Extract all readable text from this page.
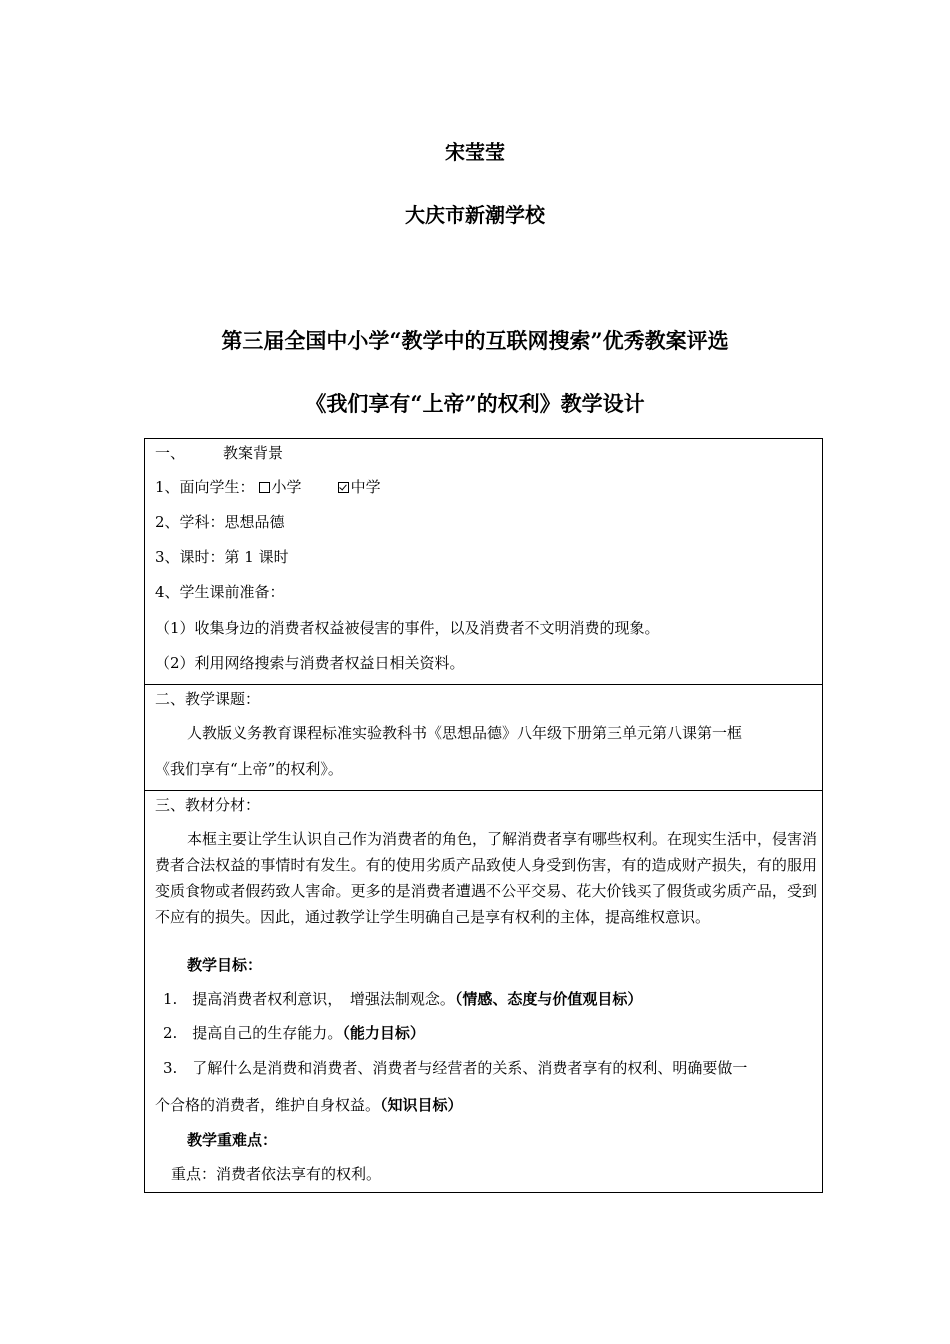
宋莹莹
大庆市新潮学校
第三届全国中小学“教学中的互联网搜索”优秀教案评选
《我们享有“上帝”的权利》教学设计
一、	教案背景
1、面向学生： 小学	中学
2、学科：思想品德
3、课时：第 1 课时
4、学生课前准备：
（1）收集身边的消费者权益被侵害的事件，以及消费者不文明消费的现象。
（2）利用网络搜索与消费者权益日相关资料。
二、教学课题：
人教版义务教育课程标准实验教科书《思想品德》八年级下册第三单元第八课第一框
《我们享有“上帝”的权利》。
三、教材分材：
本框主要让学生认识自己作为消费者的角色，了解消费者享有哪些权利。在现实生活中，侵害消费者合法权益的事情时有发生。有的使用劣质产品致使人身受到伤害，有的造成财产损失，有的服用变质食物或者假药致人害命。更多的是消费者遭遇不公平交易、花大价钱买了假货或劣质产品，受到不应有的损失。因此，通过教学让学生明确自己是享有权利的主体，提高维权意识。
教学目标：
1.　提高消费者权利意识，　增强法制观念。（情感、态度与价值观目标）
2.　提高自己的生存能力。（能力目标）
3.　了解什么是消费和消费者、消费者与经营者的关系、消费者享有的权利、明确要做一
个合格的消费者，维护自身权益。（知识目标）
教学重难点：
重点：消费者依法享有的权利。
